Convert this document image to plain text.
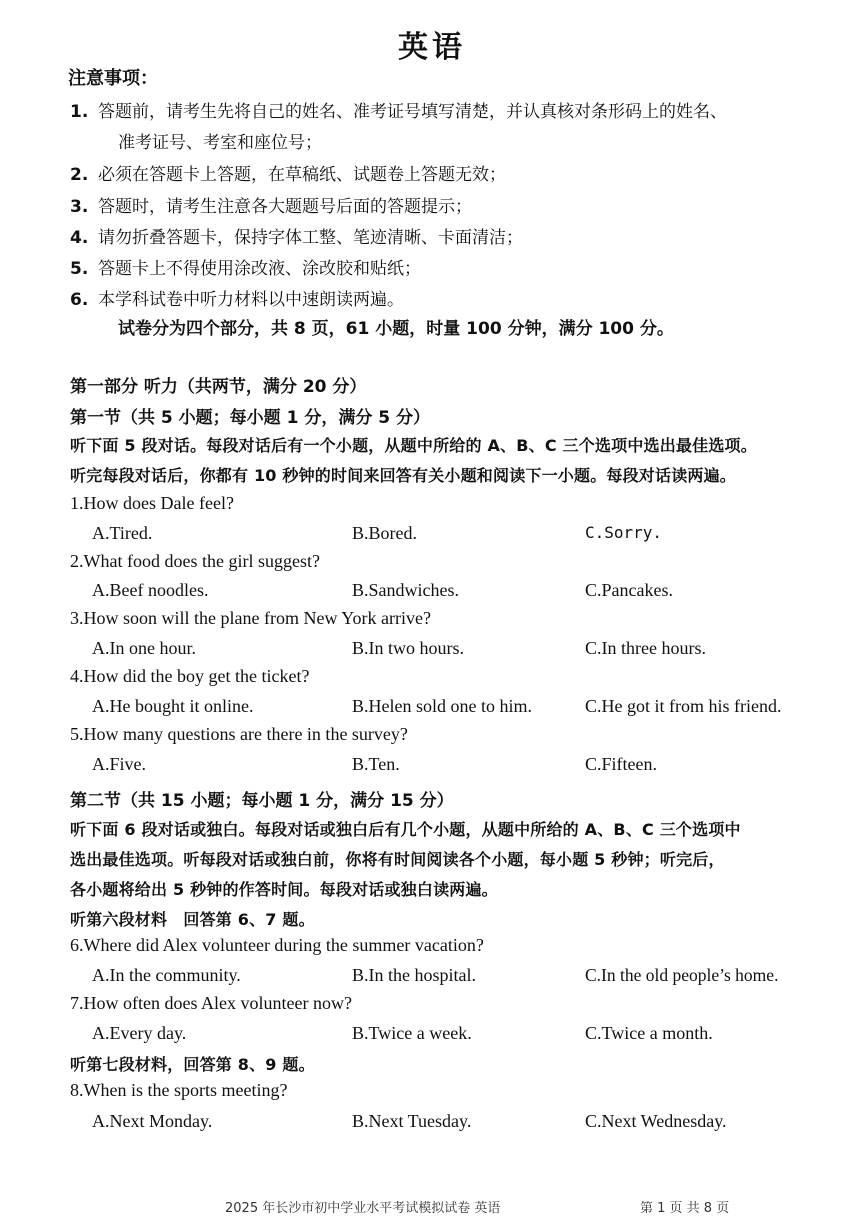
英语
注意事项：
1. 答题前，请考生先将自己的姓名、准考证号填写清楚，并认真核对条形码上的姓名、
准考证号、考室和座位号；
2. 必须在答题卡上答题，在草稿纸、试题卷上答题无效；
3. 答题时，请考生注意各大题题号后面的答题提示；
4. 请勿折叠答题卡，保持字体工整、笔迹清晰、卡面清洁；
5. 答题卡上不得使用涂改液、涂改胶和贴纸；
6. 本学科试卷中听力材料以中速朗读两遍。
试卷分为四个部分，共 8 页，61 小题，时量 100 分钟，满分 100 分。
第一部分 听力（共两节，满分 20 分）
第一节（共 5 小题；每小题 1 分，满分 5 分）
听下面 5 段对话。每段对话后有一个小题，从题中所给的 A、B、C 三个选项中选出最佳选项。
听完每段对话后，你都有 10 秒钟的时间来回答有关小题和阅读下一小题。每段对话读两遍。
1.How does Dale feel?
A.Tired.	B.Bored.	C.Sorry.
2.What food does the girl suggest?
A.Beef noodles.	B.Sandwiches.	C.Pancakes.
3.How soon will the plane from New York arrive?
A.In one hour.	B.In two hours.	C.In three hours.
4.How did the boy get the ticket?
A.He bought it online.	B.Helen sold one to him.	C.He got it from his friend.
5.How many questions are there in the survey?
A.Five.	B.Ten.	C.Fifteen.
第二节（共 15 小题；每小题 1 分，满分 15 分）
听下面 6 段对话或独白。每段对话或独白后有几个小题，从题中所给的 A、B、C 三个选项中
选出最佳选项。听每段对话或独白前，你将有时间阅读各个小题，每小题 5 秒钟；听完后，
各小题将给出 5 秒钟的作答时间。每段对话或独白读两遍。
听第六段材料　回答第 6、7 题。
6.Where did Alex volunteer during the summer vacation?
A.In the community.	B.In the hospital.	C.In the old people’s home.
7.How often does Alex volunteer now?
A.Every day.	B.Twice a week.	C.Twice a month.
听第七段材料，回答第 8、9 题。
8.When is the sports meeting?
A.Next Monday.	B.Next Tuesday.	C.Next Wednesday.
2025 年长沙市初中学业水平考试模拟试卷 英语	第 1 页 共 8 页
